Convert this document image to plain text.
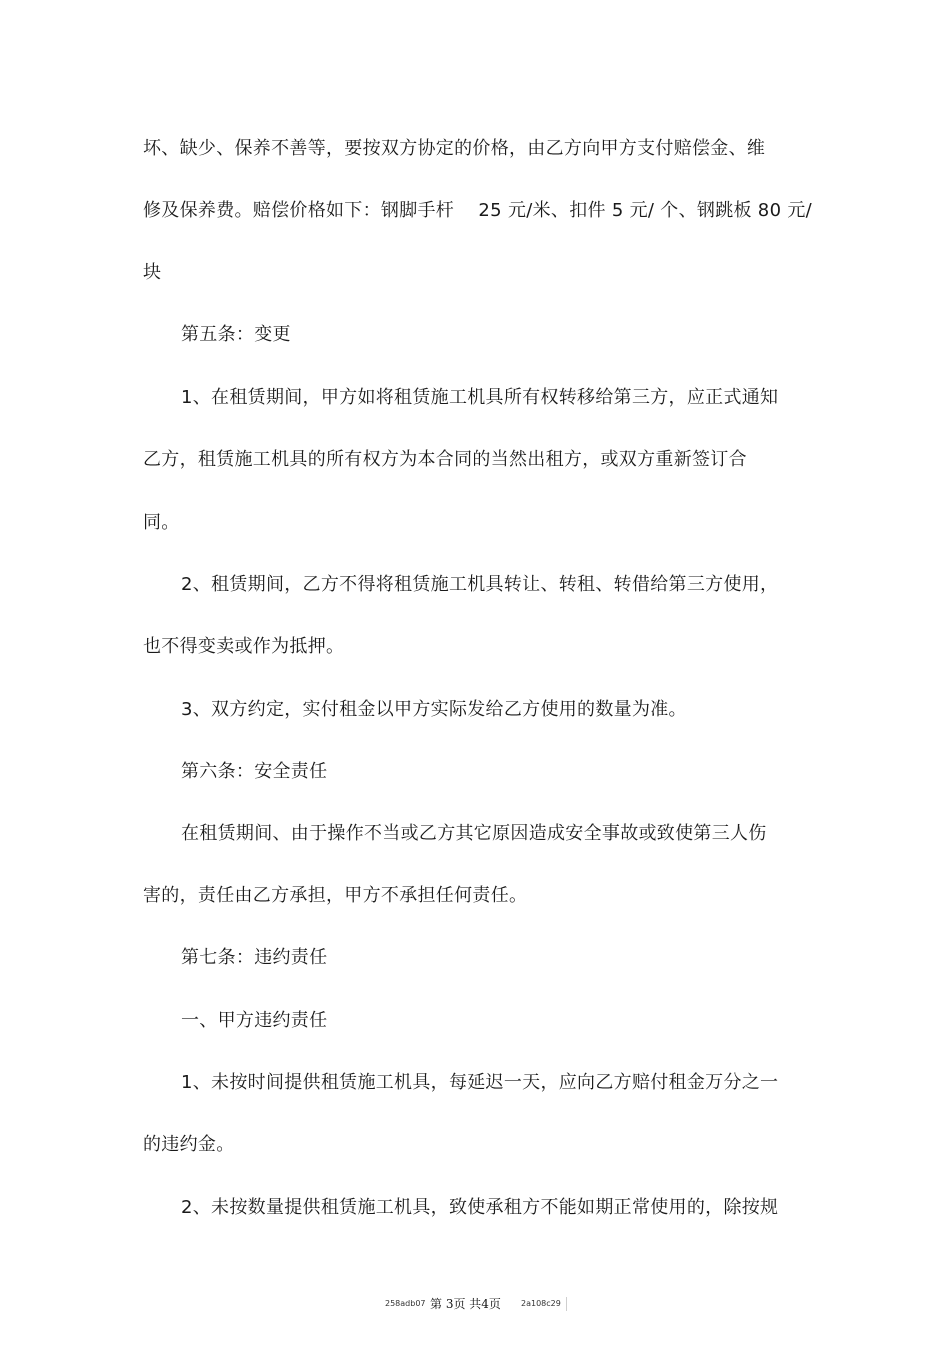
坏、缺少、保养不善等，要按双方协定的价格，由乙方向甲方支付赔偿金、维
修及保养费。赔偿价格如下：钢脚手杆　 25 元/米、扣件 5 元/ 个、钢跳板 80 元/
块
第五条：变更
1、在租赁期间，甲方如将租赁施工机具所有权转移给第三方，应正式通知
乙方，租赁施工机具的所有权方为本合同的当然出租方，或双方重新签订合
同。
2、租赁期间，乙方不得将租赁施工机具转让、转租、转借给第三方使用，
也不得变卖或作为抵押。
3、双方约定，实付租金以甲方实际发给乙方使用的数量为准。
第六条：安全责任
在租赁期间、由于操作不当或乙方其它原因造成安全事故或致使第三人伤
害的，责任由乙方承担，甲方不承担任何责任。
第七条：违约责任
一、甲方违约责任
1、未按时间提供租赁施工机具，每延迟一天，应向乙方赔付租金万分之一
的违约金。
2、未按数量提供租赁施工机具，致使承租方不能如期正常使用的，除按规
258adb07 第 3页 共4页	2a108c29
